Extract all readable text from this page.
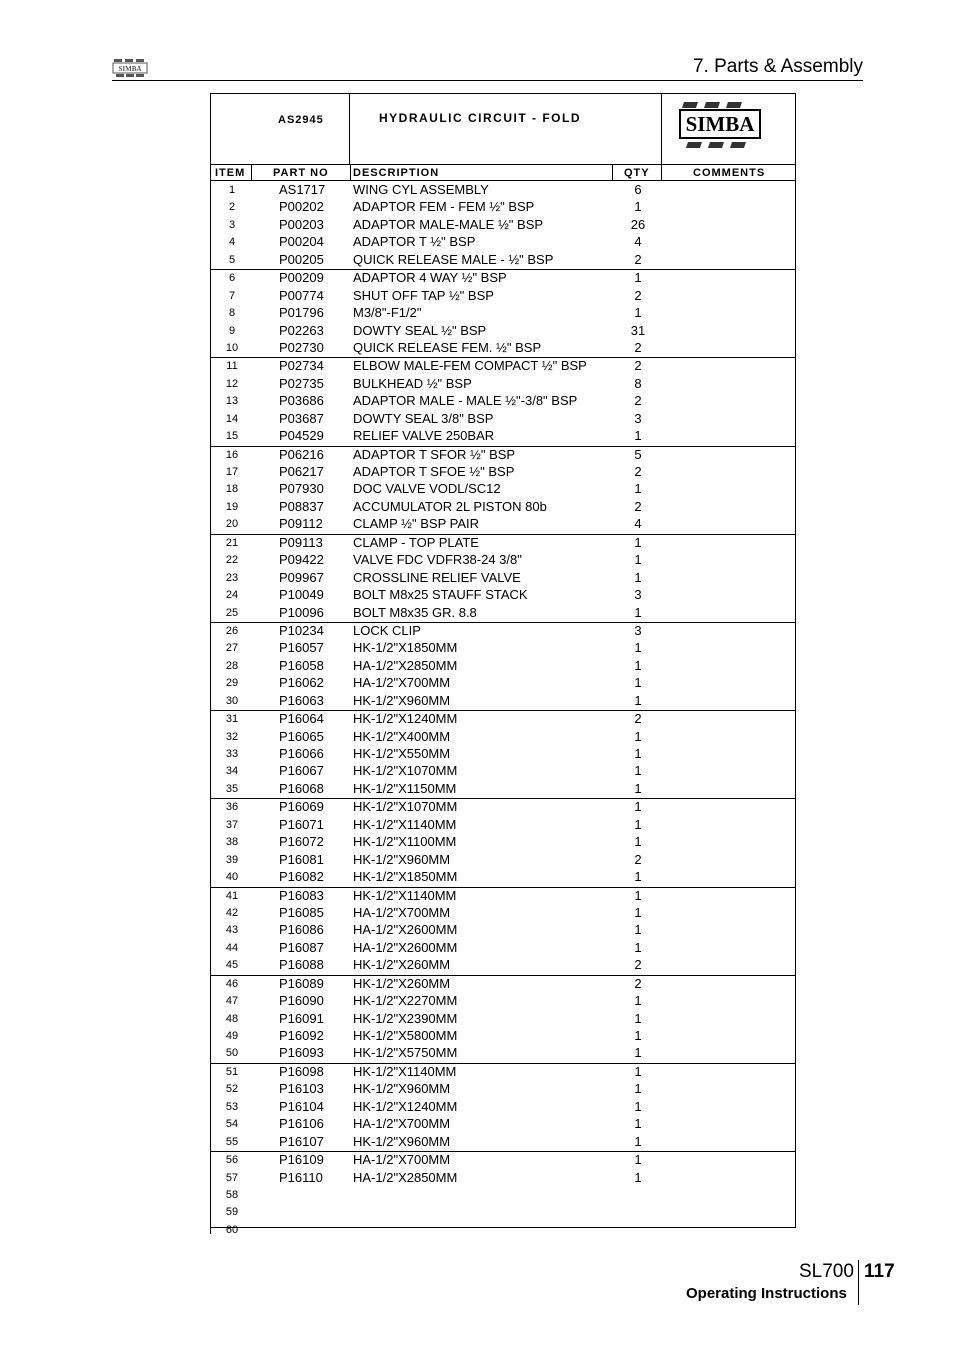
SIMBA	7. Parts & Assembly
AS2945	HYDRAULIC CIRCUIT - FOLD	SIMBA
ITEM	PART NO DESCRIPTION	QTY	COMMENTS
1	AS1717 WING CYL ASSEMBLY	6
2	P00202 ADAPTOR FEM - FEM ½" BSP	1
3	P00203 ADAPTOR MALE-MALE ½" BSP	26
4	P00204 ADAPTOR T ½" BSP	4
5	P00205 QUICK RELEASE MALE - ½" BSP	2
6	P00209 ADAPTOR 4 WAY ½" BSP	1
7	P00774 SHUT OFF TAP ½" BSP	2
8	P01796 M3/8"-F1/2"	1
9	P02263 DOWTY SEAL ½" BSP	31
10	P02730 QUICK RELEASE FEM. ½" BSP	2
11	P02734 ELBOW MALE-FEM COMPACT ½" BSP	2
12	P02735 BULKHEAD ½" BSP	8
13	P03686 ADAPTOR MALE - MALE ½"-3/8" BSP	2
14	P03687 DOWTY SEAL 3/8" BSP	3
15	P04529 RELIEF VALVE 250BAR	1
16	P06216 ADAPTOR T SFOR ½" BSP	5
17	P06217 ADAPTOR T SFOE ½" BSP	2
18	P07930 DOC VALVE VODL/SC12	1
19	P08837 ACCUMULATOR 2L PISTON 80b	2
20	P09112 CLAMP ½" BSP PAIR	4
21	P09113 CLAMP - TOP PLATE	1
22	P09422 VALVE FDC VDFR38-24 3/8"	1
23	P09967 CROSSLINE RELIEF VALVE	1
24	P10049 BOLT M8x25 STAUFF STACK	3
25	P10096 BOLT M8x35 GR. 8.8	1
26	P10234 LOCK CLIP	3
27	P16057 HK-1/2"X1850MM	1
28	P16058 HA-1/2"X2850MM	1
29	P16062 HA-1/2"X700MM	1
30	P16063 HK-1/2"X960MM	1
31	P16064 HK-1/2"X1240MM	2
32	P16065 HK-1/2"X400MM	1
33	P16066 HK-1/2"X550MM	1
34	P16067 HK-1/2"X1070MM	1
35	P16068 HK-1/2"X1150MM	1
36	P16069 HK-1/2"X1070MM	1
37	P16071 HK-1/2"X1140MM	1
38	P16072 HK-1/2"X1100MM	1
39	P16081 HK-1/2"X960MM	2
40	P16082 HK-1/2"X1850MM	1
41	P16083 HK-1/2"X1140MM	1
42	P16085 HA-1/2"X700MM	1
43	P16086 HA-1/2"X2600MM	1
44	P16087 HA-1/2"X2600MM	1
45	P16088 HK-1/2"X260MM	2
46	P16089 HK-1/2"X260MM	2
47	P16090 HK-1/2"X2270MM	1
48	P16091 HK-1/2"X2390MM	1
49	P16092 HK-1/2"X5800MM	1
50	P16093 HK-1/2"X5750MM	1
51	P16098 HK-1/2"X1140MM	1
52	P16103 HK-1/2"X960MM	1
53	P16104 HK-1/2"X1240MM	1
54	P16106 HA-1/2"X700MM	1
55	P16107 HK-1/2"X960MM	1
56	P16109 HA-1/2"X700MM	1
57	P16110 HA-1/2"X2850MM	1
58
59
60
SL700 117
Operating Instructions
